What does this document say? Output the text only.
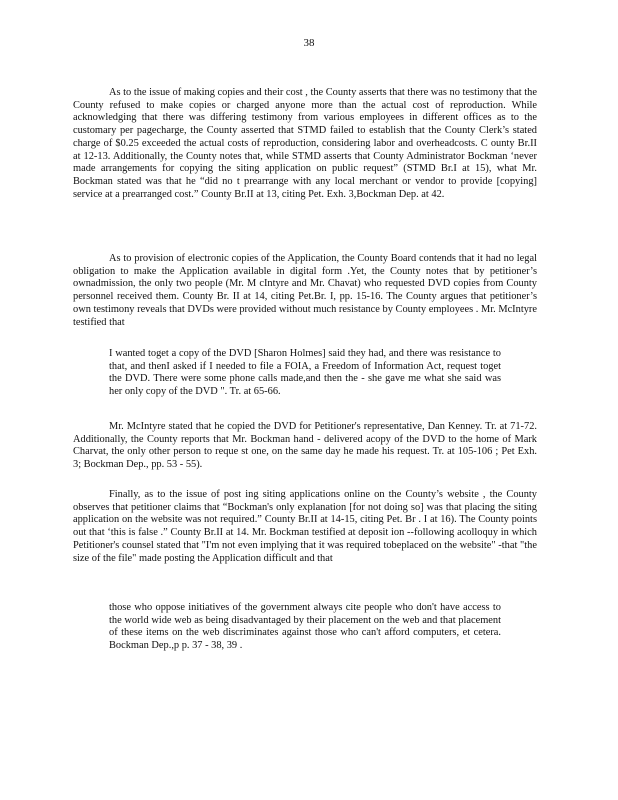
38

As to the issue of making copies and their cost , the County asserts that there was no testimony that the County refused to make copies or charged anyone more than the actual cost of reproduction. While acknowledging that there was differing testimony from various employees in different offices as to the customary per pagecharge, the County asserted that STMD failed to establish that the County Clerk’s stated charge of $0.25 exceeded the actual costs of reproduction, considering labor and overheadcosts. C ounty Br.II at 12-13. Additionally, the County notes that, while STMD asserts that County Administrator Bockman ‘never made arrangements for copying the siting application on public request” (STMD Br.I at 15), what Mr. Bockman stated was that he “did no t prearrange with any local merchant or vendor to provide [copying] service at a prearranged cost.” County Br.II at 13, citing Pet. Exh. 3,Bockman Dep. at 42.

As to provision of electronic copies of the Application, the County Board contends that it had no legal obligation to make the Application available in digital form .Yet, the County notes that by petitioner’s ownadmission, the only two people (Mr. M cIntyre and Mr. Chavat) who requested DVD copies from County personnel received them. County Br. II at 14, citing Pet.Br. I, pp. 15-16. The County argues that petitioner’s own testimony reveals that DVDs were provided without much resistance by County employees . Mr. McIntyre testified that

I wanted toget a copy of the DVD [Sharon Holmes] said they had, and there was resistance to that, and thenI asked if I needed to file a FOIA, a Freedom of Information Act, request toget the DVD. There were some phone calls made,and then the - she gave me what she said was her only copy of the DVD ". Tr. at 65-66.

Mr. McIntyre stated that he copied the DVD for Petitioner's representative, Dan Kenney. Tr. at 71-72. Additionally, the County reports that Mr. Bockman hand - delivered acopy of the DVD to the home of Mark Charvat, the only other person to reque st one, on the same day he made his request. Tr. at 105-106 ; Pet Exh. 3; Bockman Dep., pp. 53 - 55).

Finally, as to the issue of post ing siting applications online on the County’s website , the County observes that petitioner claims that “Bockman's only explanation [for not doing so] was that placing the siting application on the website was not required.” County Br.II at 14-15, citing Pet. Br . I at 16). The County points out that ‘this is false .” County Br.II at 14. Mr. Bockman testified at deposit ion --following acolloquy in which Petitioner's counsel stated that "I'm not even implying that it was required tobeplaced on the website" -that "the size of the file" made posting the Application difficult and that

those who oppose initiatives of the government always cite people who don't have access to the world wide web as being disadvantaged by their placement on the web and that placement of these items on the web discriminates against those who can't afford computers, et cetera. Bockman Dep.,p p. 37 - 38, 39 .
